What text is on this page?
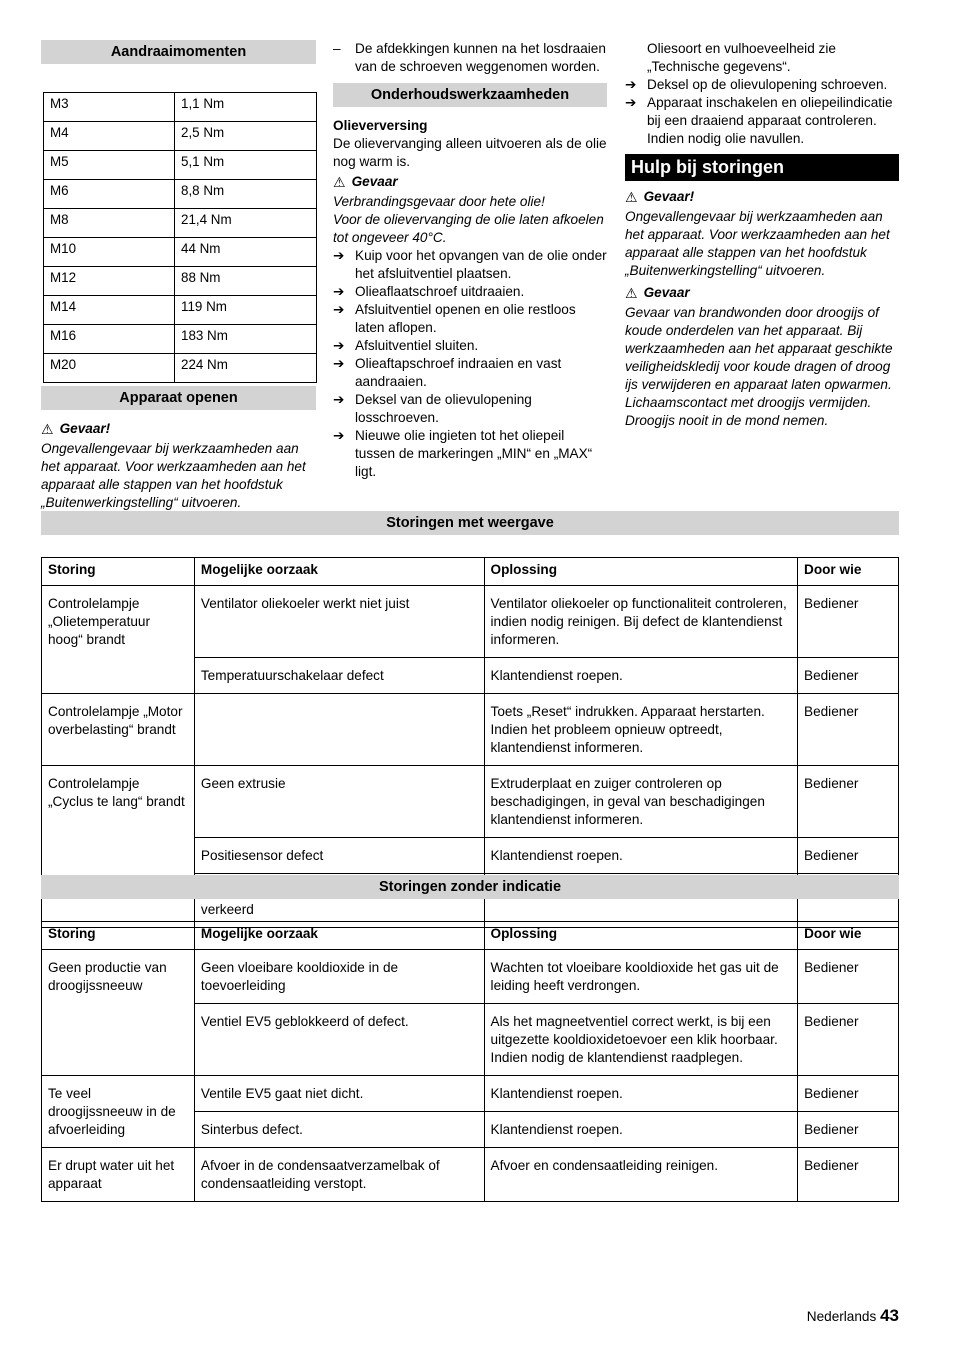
Aandraaimomenten
M3	1,1 Nm
M4	2,5 Nm
M5	5,1 Nm
M6	8,8 Nm
M8	21,4 Nm
M10	44 Nm
M12	88 Nm
M14	119 Nm
M16	183 Nm
M20	224 Nm
Apparaat openen
⚠ Gevaar!
Ongevallengevaar bij werkzaamheden aan het apparaat. Voor werkzaamheden aan het apparaat alle stappen van het hoofdstuk „Buitenwerkingstelling“ uitvoeren.
– De afdekkingen kunnen na het losdraaien van de schroeven weggenomen worden.
Onderhoudswerkzaamheden
Olieverversing
De olievervanging alleen uitvoeren als de olie nog warm is.
⚠ Gevaar
Verbrandingsgevaar door hete olie!
Voor de olievervanging de olie laten afkoelen tot ongeveer 40°C.
➔ Kuip voor het opvangen van de olie onder het afsluitventiel plaatsen.
➔ Olieaflaatschroef uitdraaien.
➔ Afsluitventiel openen en olie restloos laten aflopen.
➔ Afsluitventiel sluiten.
➔ Olieaftapschroef indraaien en vast aandraaien.
➔ Deksel van de olievulopening losschroeven.
➔ Nieuwe olie ingieten tot het oliepeil tussen de markeringen „MIN“ en „MAX“ ligt.
Oliesoort en vulhoeveelheid zie „Technische gegevens“.
➔ Deksel op de olievulopening schroeven.
➔ Apparaat inschakelen en oliepeilindicatie bij een draaiend apparaat controleren. Indien nodig olie navullen.
Hulp bij storingen
⚠ Gevaar!
Ongevallengevaar bij werkzaamheden aan het apparaat. Voor werkzaamheden aan het apparaat alle stappen van het hoofdstuk „Buitenwerkingstelling“ uitvoeren.
⚠ Gevaar
Gevaar van brandwonden door droogijs of koude onderdelen van het apparaat. Bij werkzaamheden aan het apparaat geschikte veiligheidskledij voor koude dragen of droog ijs verwijderen en apparaat laten opwarmen.
Lichaamscontact met droogijs vermijden. Droogijs nooit in de mond nemen.
Storingen met weergave
Storing	Mogelijke oorzaak	Oplossing	Door wie
Controlelampje „Olietemperatuur hoog“ brandt	Ventilator oliekoeler werkt niet juist	Ventilator oliekoeler op functionaliteit controleren, indien nodig reinigen. Bij defect de klantendienst informeren.	Bediener
	Temperatuurschakelaar defect	Klantendienst roepen.	Bediener
Controlelampje „Motor overbelasting“ brandt		Toets „Reset“ indrukken. Apparaat herstarten. Indien het probleem opnieuw optreedt, klantendienst informeren.	Bediener
Controlelampje „Cyclus te lang“ brandt	Geen extrusie	Extruderplaat en zuiger controleren op beschadigingen, in geval van beschadigingen klantendienst informeren.	Bediener
	Positiesensor defect	Klantendienst roepen.	Bediener
	verkeerd		
Storingen zonder indicatie
Storing	Mogelijke oorzaak	Oplossing	Door wie
Geen productie van droogijssneeuw	Geen vloeibare kooldioxide in de toevoerleiding	Wachten tot vloeibare kooldioxide het gas uit de leiding heeft verdrongen.	Bediener
	Ventiel EV5 geblokkeerd of defect.	Als het magneetventiel correct werkt, is bij een uitgezette kooldioxidetoevoer een klik hoorbaar. Indien nodig de klantendienst raadplegen.	Bediener
Te veel droogijssneeuw in de afvoerleiding	Ventile EV5 gaat niet dicht.	Klantendienst roepen.	Bediener
	Sinterbus defect.	Klantendienst roepen.	Bediener
Er drupt water uit het apparaat	Afvoer in de condensaatverzamelbak of condensaatleiding verstopt.	Afvoer en condensaatleiding reinigen.	Bediener
Nederlands 43
